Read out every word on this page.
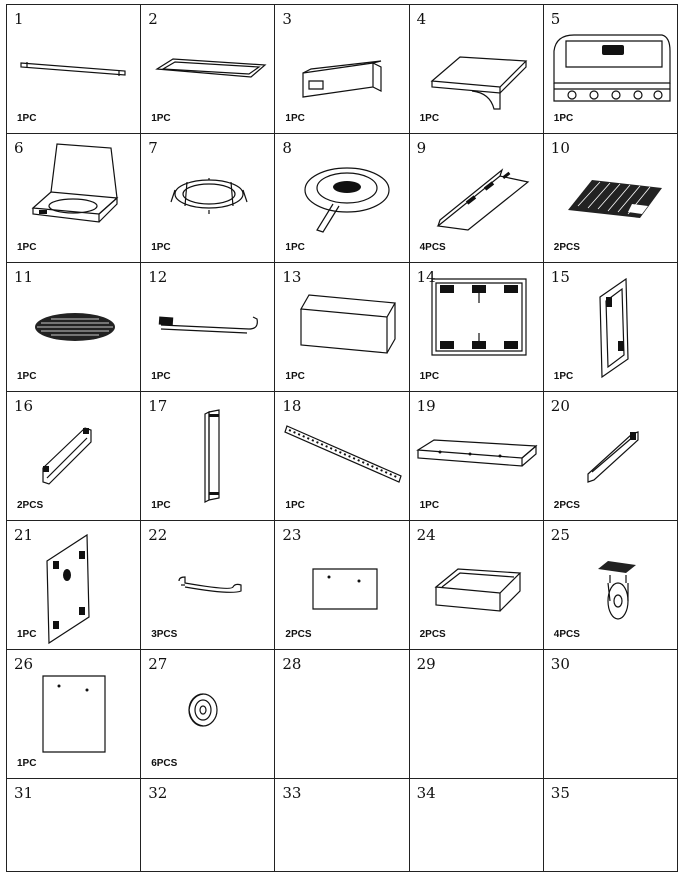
1
1PC
2
1PC
3
1PC
4
1PC
5
1PC
6
1PC
7
1PC
8
1PC
9
4PCS
10
2PCS
11
1PC
12
1PC
13
1PC
14
1PC
15
1PC
16
2PCS
17
1PC
18
1PC
19
1PC
20
2PCS
21
1PC
22
3PCS
23
2PCS
24
2PCS
25
4PCS
26
1PC
27
6PCS
28	29	30
31	32	33	34	35
